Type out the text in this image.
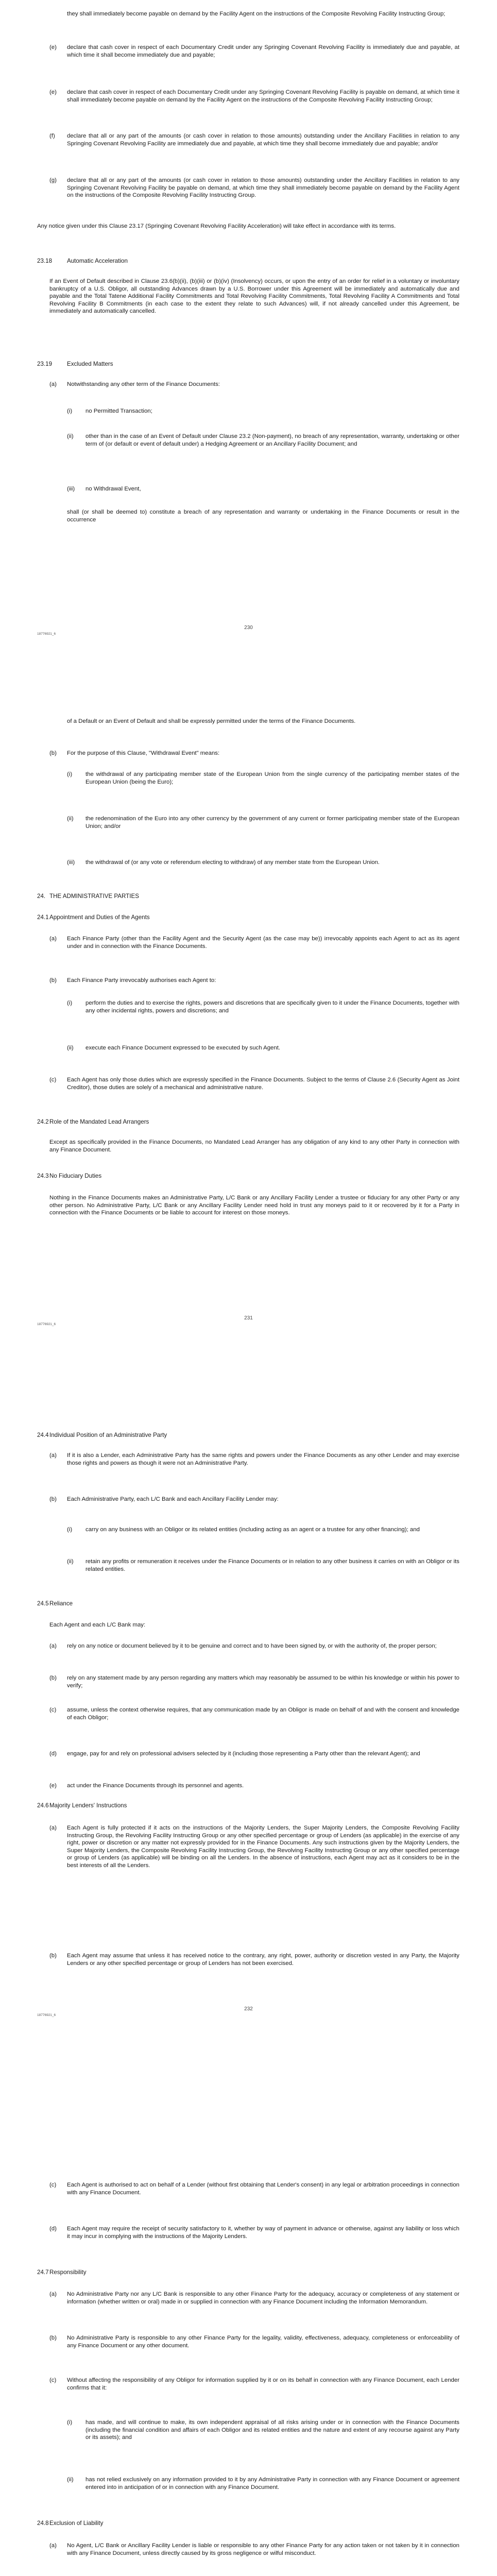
they shall immediately become payable on demand by the Facility Agent on the instructions of the Composite Revolving Facility Instructing Group;
(e) declare that cash cover in respect of each Documentary Credit under any Springing Covenant Revolving Facility is immediately due and payable, at which time it shall become immediately due and payable;
(e) declare that cash cover in respect of each Documentary Credit under any Springing Covenant Revolving Facility is payable on demand, at which time it shall immediately become payable on demand by the Facility Agent on the instructions of the Composite Revolving Facility Instructing Group;
(f) declare that all or any part of the amounts (or cash cover in relation to those amounts) outstanding under the Ancillary Facilities in relation to any Springing Covenant Revolving Facility are immediately due and payable, at which time they shall become immediately due and payable; and/or
(g) declare that all or any part of the amounts (or cash cover in relation to those amounts) outstanding under the Ancillary Facilities in relation to any Springing Covenant Revolving Facility be payable on demand, at which time they shall immediately become payable on demand by the Facility Agent on the instructions of the Composite Revolving Facility Instructing Group.
Any notice given under this Clause 23.17 (Springing Covenant Revolving Facility Acceleration) will take effect in accordance with its terms.
23.18 Automatic Acceleration
If an Event of Default described in Clause 23.6(b)(ii), (b)(iii) or (b)(iv) (Insolvency) occurs, or upon the entry of an order for relief in a voluntary or involuntary bankruptcy of a U.S. Obligor, all outstanding Advances drawn by a U.S. Borrower under this Agreement will be immediately and automatically due and payable and the Total Tatene Additional Facility Commitments and Total Revolving Facility Commitments, Total Revolving Facility A Commitments and Total Revolving Facility B Commitments (in each case to the extent they relate to such Advances) will, if not already cancelled under this Agreement, be immediately and automatically cancelled.
23.19 Excluded Matters
(a) Notwithstanding any other term of the Finance Documents:
(i) no Permitted Transaction;
(ii) other than in the case of an Event of Default under Clause 23.2 (Non-payment), no breach of any representation, warranty, undertaking or other term of (or default or event of default under) a Hedging Agreement or an Ancillary Facility Document; and
(iii) no Withdrawal Event,
shall (or shall be deemed to) constitute a breach of any representation and warranty or undertaking in the Finance Documents or result in the occurrence
18776921_6
230
of a Default or an Event of Default and shall be expressly permitted under the terms of the Finance Documents.
(b) For the purpose of this Clause, "Withdrawal Event" means:
(i) the withdrawal of any participating member state of the European Union from the single currency of the participating member states of the European Union (being the Euro);
(ii) the redenomination of the Euro into any other currency by the government of any current or former participating member state of the European Union; and/or
(iii) the withdrawal of (or any vote or referendum electing to withdraw) of any member state from the European Union.
24. THE ADMINISTRATIVE PARTIES
24.1 Appointment and Duties of the Agents
(a) Each Finance Party (other than the Facility Agent and the Security Agent (as the case may be)) irrevocably appoints each Agent to act as its agent under and in connection with the Finance Documents.
(b) Each Finance Party irrevocably authorises each Agent to:
(i) perform the duties and to exercise the rights, powers and discretions that are specifically given to it under the Finance Documents, together with any other incidental rights, powers and discretions; and
(ii) execute each Finance Document expressed to be executed by such Agent.
(c) Each Agent has only those duties which are expressly specified in the Finance Documents. Subject to the terms of Clause 2.6 (Security Agent as Joint Creditor), those duties are solely of a mechanical and administrative nature.
24.2 Role of the Mandated Lead Arrangers
Except as specifically provided in the Finance Documents, no Mandated Lead Arranger has any obligation of any kind to any other Party in connection with any Finance Document.
24.3 No Fiduciary Duties
Nothing in the Finance Documents makes an Administrative Party, L/C Bank or any Ancillary Facility Lender a trustee or fiduciary for any other Party or any other person. No Administrative Party, L/C Bank or any Ancillary Facility Lender need hold in trust any moneys paid to it or recovered by it for a Party in connection with the Finance Documents or be liable to account for interest on those moneys.
18776921_6
231
24.4 Individual Position of an Administrative Party
(a) If it is also a Lender, each Administrative Party has the same rights and powers under the Finance Documents as any other Lender and may exercise those rights and powers as though it were not an Administrative Party.
(b) Each Administrative Party, each L/C Bank and each Ancillary Facility Lender may:
(i) carry on any business with an Obligor or its related entities (including acting as an agent or a trustee for any other financing); and
(ii) retain any profits or remuneration it receives under the Finance Documents or in relation to any other business it carries on with an Obligor or its related entities.
24.5 Reliance
Each Agent and each L/C Bank may:
(a) rely on any notice or document believed by it to be genuine and correct and to have been signed by, or with the authority of, the proper person;
(b) rely on any statement made by any person regarding any matters which may reasonably be assumed to be within his knowledge or within his power to verify;
(c) assume, unless the context otherwise requires, that any communication made by an Obligor is made on behalf of and with the consent and knowledge of each Obligor;
(d) engage, pay for and rely on professional advisers selected by it (including those representing a Party other than the relevant Agent); and
(e) act under the Finance Documents through its personnel and agents.
24.6 Majority Lenders' Instructions
(a) Each Agent is fully protected if it acts on the instructions of the Majority Lenders, the Super Majority Lenders, the Composite Revolving Facility Instructing Group, the Revolving Facility Instructing Group or any other specified percentage or group of Lenders (as applicable) in the exercise of any right, power or discretion or any matter not expressly provided for in the Finance Documents. Any such instructions given by the Majority Lenders, the Super Majority Lenders, the Composite Revolving Facility Instructing Group, the Revolving Facility Instructing Group or any other specified percentage or group of Lenders (as applicable) will be binding on all the Lenders. In the absence of instructions, each Agent may act as it considers to be in the best interests of all the Lenders.
(b) Each Agent may assume that unless it has received notice to the contrary, any right, power, authority or discretion vested in any Party, the Majority Lenders or any other specified percentage or group of Lenders has not been exercised.
18776921_6
232
(c) Each Agent is authorised to act on behalf of a Lender (without first obtaining that Lender's consent) in any legal or arbitration proceedings in connection with any Finance Document.
(d) Each Agent may require the receipt of security satisfactory to it, whether by way of payment in advance or otherwise, against any liability or loss which it may incur in complying with the instructions of the Majority Lenders.
24.7 Responsibility
(a) No Administrative Party nor any L/C Bank is responsible to any other Finance Party for the adequacy, accuracy or completeness of any statement or information (whether written or oral) made in or supplied in connection with any Finance Document including the Information Memorandum.
(b) No Administrative Party is responsible to any other Finance Party for the legality, validity, effectiveness, adequacy, completeness or enforceability of any Finance Document or any other document.
(c) Without affecting the responsibility of any Obligor for information supplied by it or on its behalf in connection with any Finance Document, each Lender confirms that it:
(i) has made, and will continue to make, its own independent appraisal of all risks arising under or in connection with the Finance Documents (including the financial condition and affairs of each Obligor and its related entities and the nature and extent of any recourse against any Party or its assets); and
(ii) has not relied exclusively on any information provided to it by any Administrative Party in connection with any Finance Document or agreement entered into in anticipation of or in connection with any Finance Document.
24.8 Exclusion of Liability
(a) No Agent, L/C Bank or Ancillary Facility Lender is liable or responsible to any other Finance Party for any action taken or not taken by it in connection with any Finance Document, unless directly caused by its gross negligence or wilful misconduct.
